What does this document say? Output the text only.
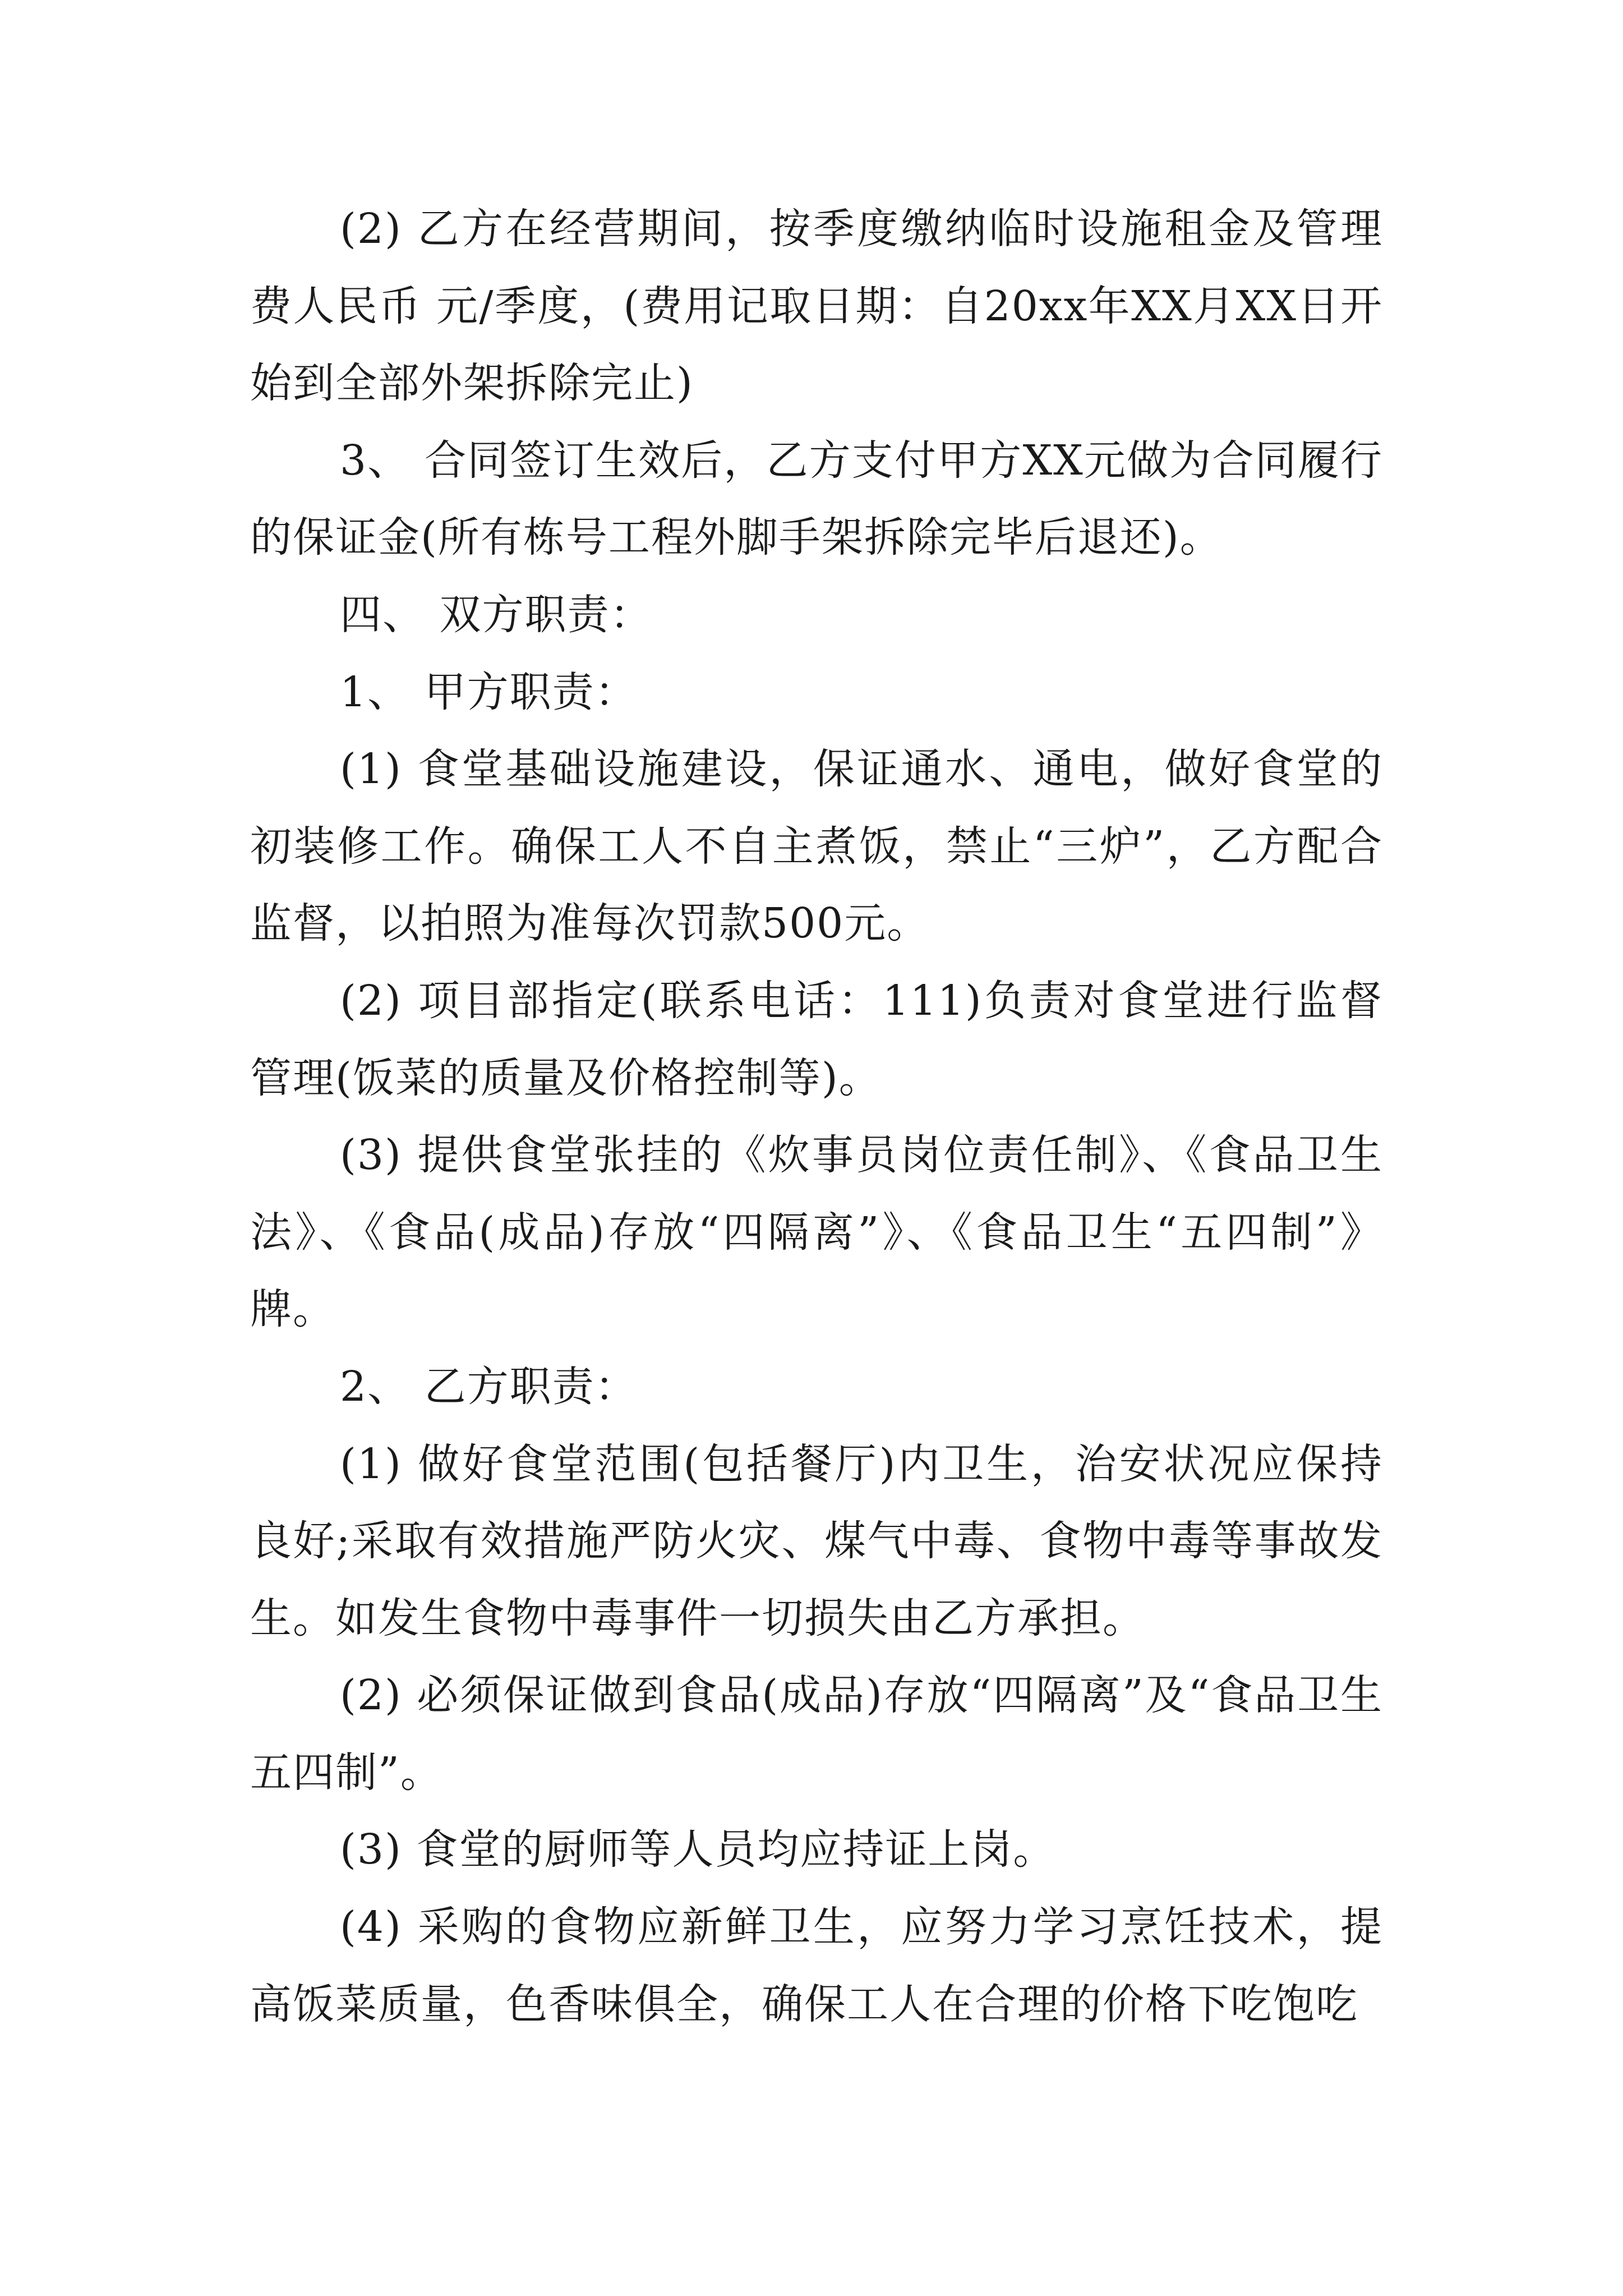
(2) 乙方在经营期间，按季度缴纳临时设施租金及管理费人民币 元/季度，(费用记取日期：自20xx年XX月XX日开始到全部外架拆除完止)

3、 合同签订生效后，乙方支付甲方XX元做为合同履行的保证金(所有栋号工程外脚手架拆除完毕后退还)。

四、 双方职责：

1、 甲方职责：

(1) 食堂基础设施建设，保证通水、通电，做好食堂的初装修工作。确保工人不自主煮饭，禁止“三炉”，乙方配合监督，以拍照为准每次罚款500元。

(2) 项目部指定(联系电话：111)负责对食堂进行监督管理(饭菜的质量及价格控制等)。

(3) 提供食堂张挂的《炊事员岗位责任制》、《食品卫生法》、《食品(成品)存放“四隔离”》、《食品卫生“五四制”》牌。

2、 乙方职责：

(1) 做好食堂范围(包括餐厅)内卫生，治安状况应保持良好;采取有效措施严防火灾、煤气中毒、食物中毒等事故发生。如发生食物中毒事件一切损失由乙方承担。

(2) 必须保证做到食品(成品)存放“四隔离”及“食品卫生五四制”。

(3) 食堂的厨师等人员均应持证上岗。

(4) 采购的食物应新鲜卫生，应努力学习烹饪技术，提高饭菜质量，色香味俱全，确保工人在合理的价格下吃饱吃
